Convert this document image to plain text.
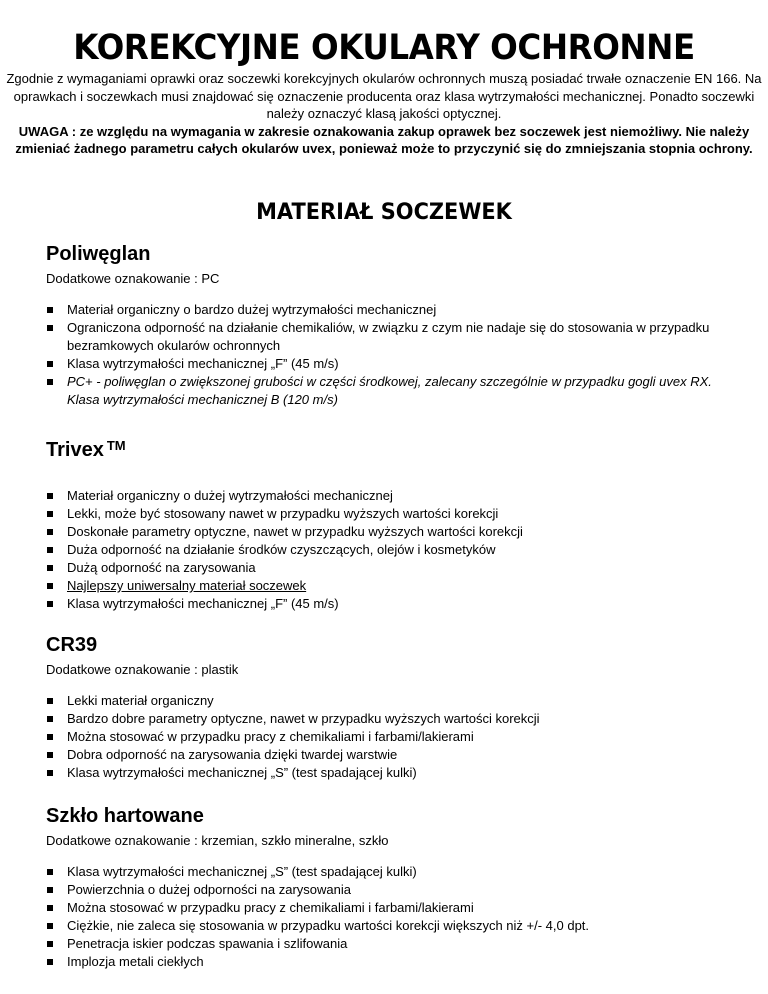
KOREKCYJNE OKULARY OCHRONNE
Zgodnie z wymaganiami oprawki oraz soczewki korekcyjnych okularów ochronnych muszą posiadać trwałe oznaczenie EN 166. Na oprawkach i soczewkach musi znajdować się oznaczenie producenta oraz klasa wytrzymałości mechanicznej. Ponadto soczewki należy oznaczyć klasą jakości optycznej.
UWAGA : ze względu na wymagania w zakresie oznakowania zakup oprawek bez soczewek jest niemożliwy. Nie należy zmieniać żadnego parametru całych okularów uvex, ponieważ może to przyczynić się do zmniejszania stopnia ochrony.
MATERIAŁ SOCZEWEK
Poliwęglan
Dodatkowe oznakowanie : PC
Materiał organiczny o bardzo dużej wytrzymałości mechanicznej
Ograniczona odporność na działanie chemikaliów, w związku z czym nie nadaje się do stosowania w przypadku bezramkowych okularów ochronnych
Klasa wytrzymałości mechanicznej „F” (45 m/s)
PC+ - poliwęglan o zwiększonej grubości w części środkowej, zalecany szczególnie w przypadku gogli uvex RX. Klasa wytrzymałości mechanicznej B (120 m/s)
Trivex ™
Materiał organiczny o dużej wytrzymałości mechanicznej
Lekki, może być stosowany nawet w przypadku wyższych wartości korekcji
Doskonałe parametry optyczne, nawet w przypadku wyższych wartości korekcji
Duża odporność na działanie środków czyszczących, olejów i kosmetyków
Dużą odporność na zarysowania
Najlepszy uniwersalny materiał soczewek
Klasa wytrzymałości mechanicznej „F” (45 m/s)
CR39
Dodatkowe oznakowanie : plastik
Lekki materiał organiczny
Bardzo dobre parametry optyczne, nawet w przypadku wyższych wartości korekcji
Można stosować w przypadku pracy z chemikaliami i farbami/lakierami
Dobra odporność na zarysowania dzięki twardej warstwie
Klasa wytrzymałości mechanicznej „S” (test spadającej kulki)
Szkło hartowane
Dodatkowe oznakowanie : krzemian, szkło mineralne, szkło
Klasa wytrzymałości mechanicznej „S” (test spadającej kulki)
Powierzchnia o dużej odporności na zarysowania
Można stosować w przypadku pracy z chemikaliami i farbami/lakierami
Ciężkie, nie zaleca się stosowania w przypadku wartości korekcji większych niż +/- 4,0 dpt.
Penetracja iskier podczas spawania i szlifowania
Implozja metali ciekłych
